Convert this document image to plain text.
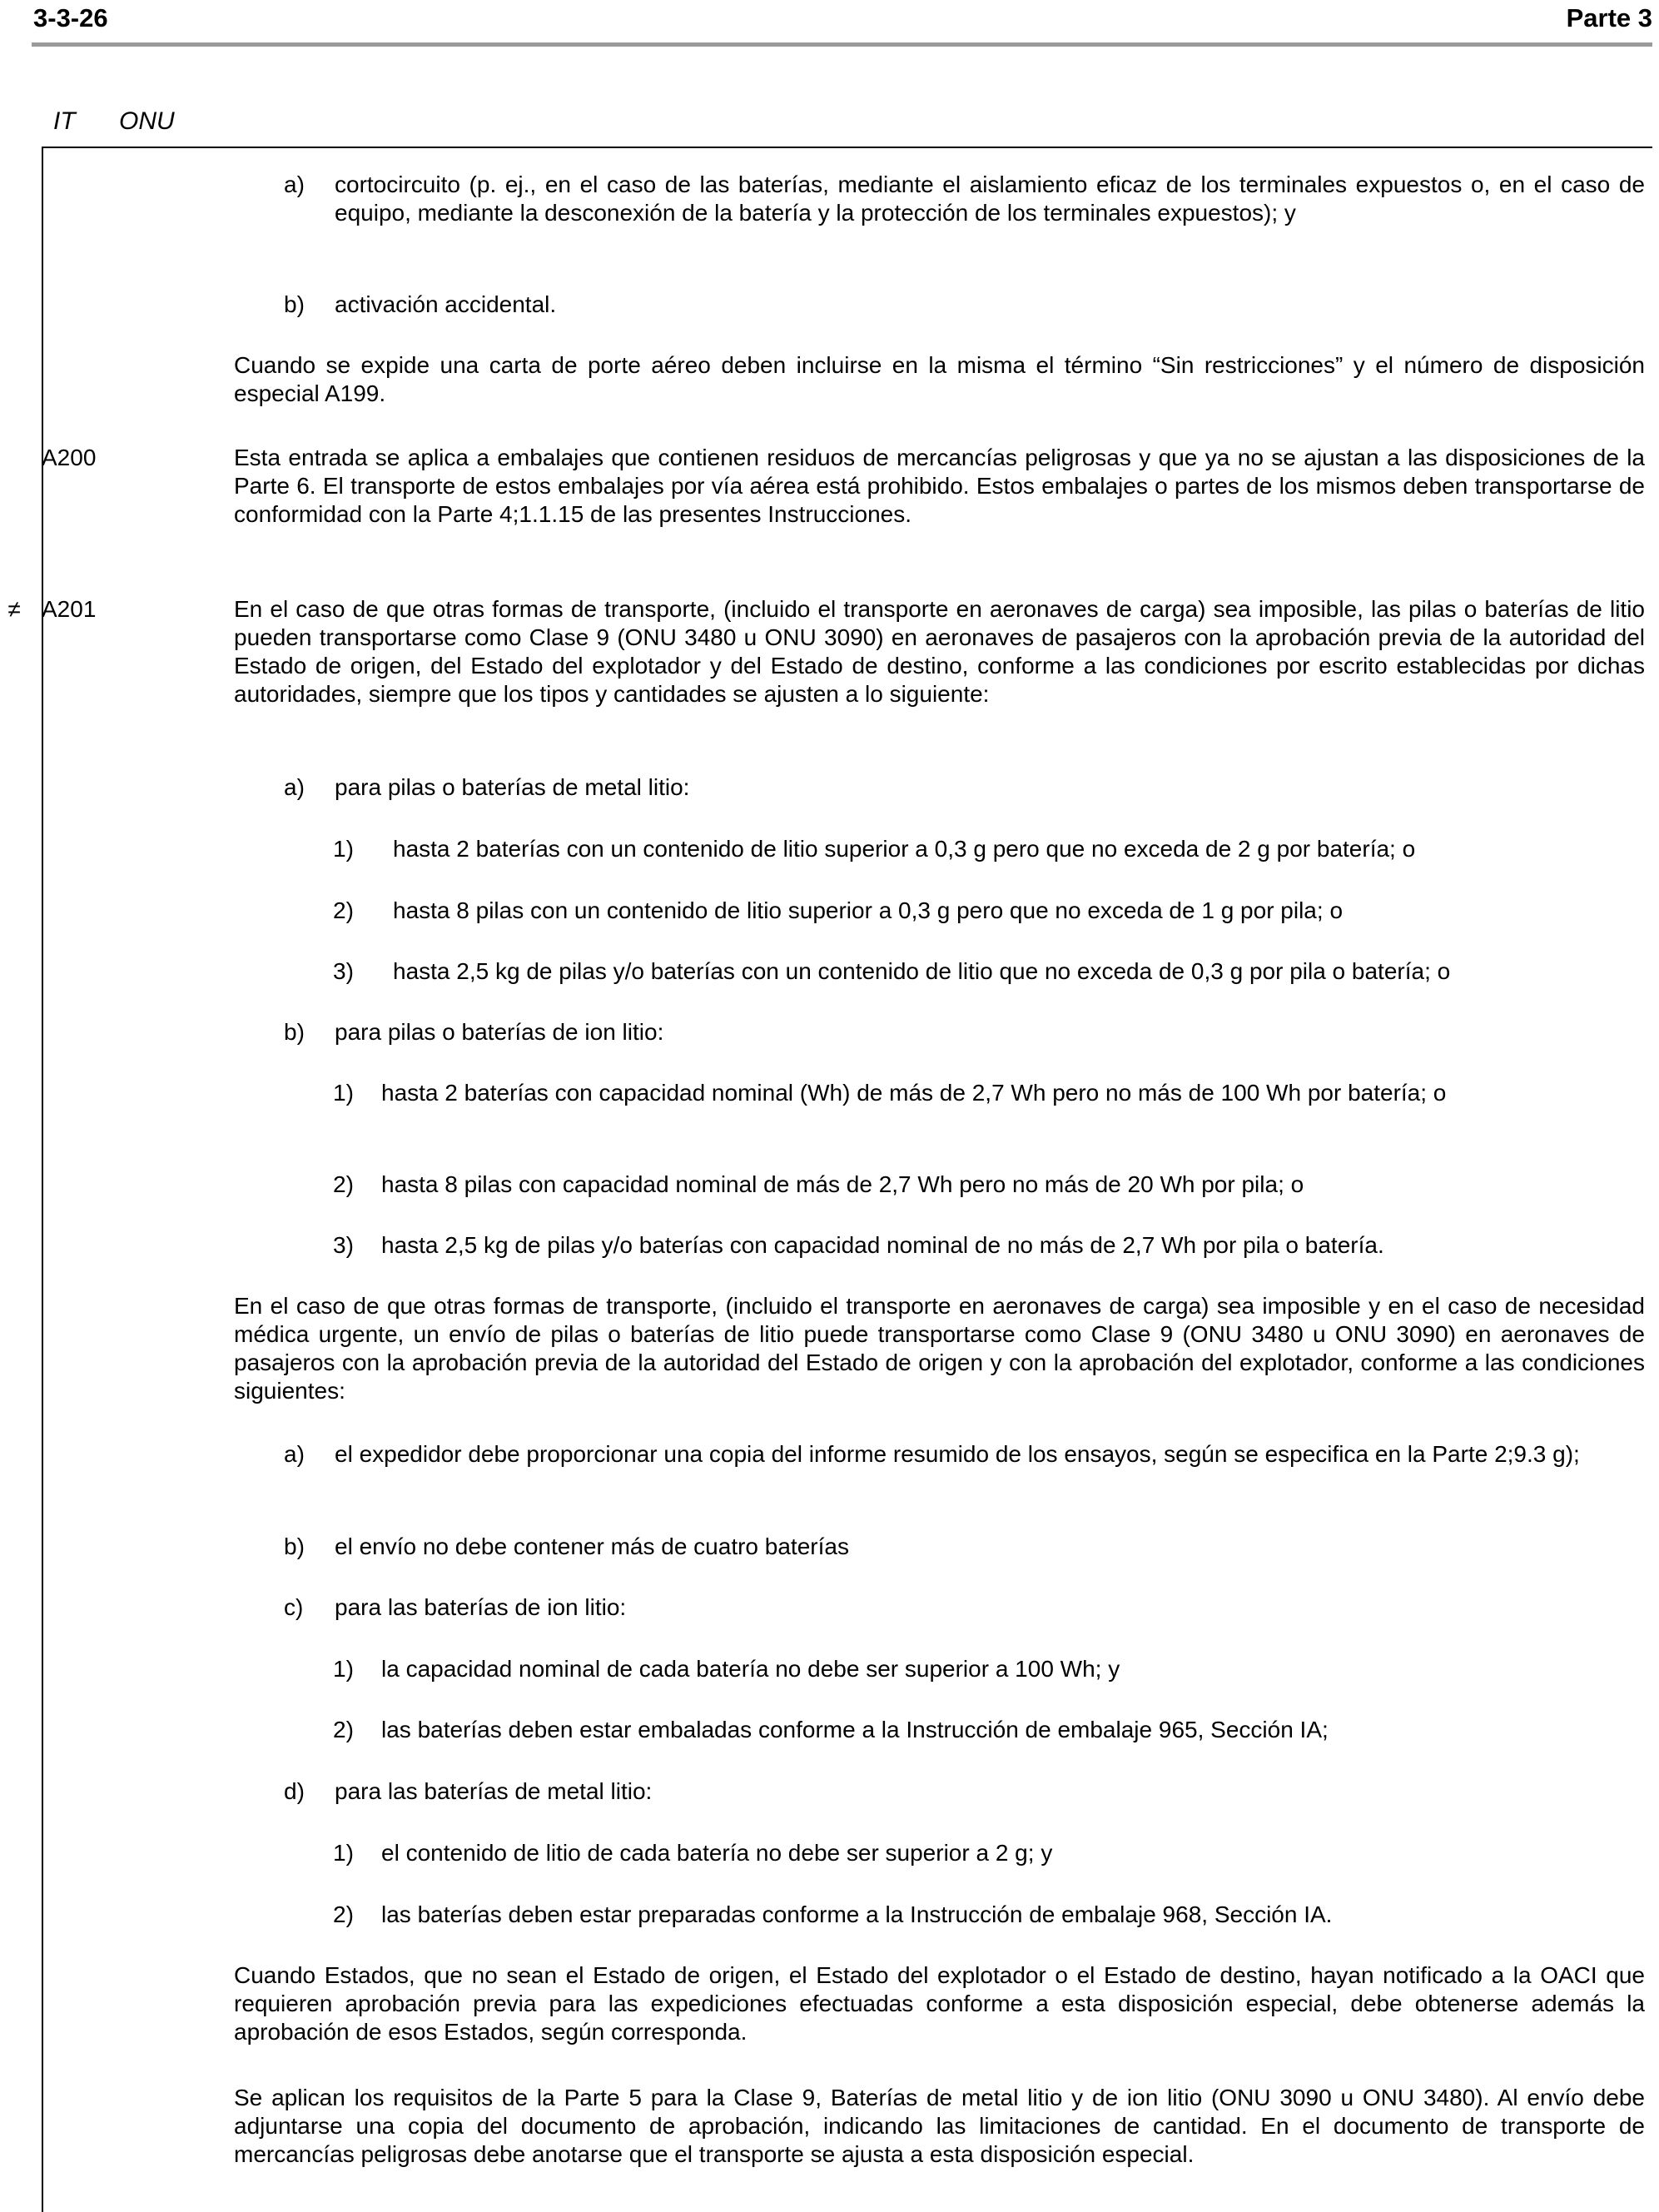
3-3-26	Parte 3
IT ONU
a)	cortocircuito (p. ej., en el caso de las baterías, mediante el aislamiento eficaz de los terminales expuestos o, en el caso de equipo, mediante la desconexión de la batería y la protección de los terminales expuestos); y
b)	activación accidental.
Cuando se expide una carta de porte aéreo deben incluirse en la misma el término “Sin restricciones” y el número de disposición especial A199.
A200	Esta entrada se aplica a embalajes que contienen residuos de mercancías peligrosas y que ya no se ajustan a las disposiciones de la Parte 6. El transporte de estos embalajes por vía aérea está prohibido. Estos embalajes o partes de los mismos deben transportarse de conformidad con la Parte 4;1.1.15 de las presentes Instrucciones.
≠ A201	En el caso de que otras formas de transporte, (incluido el transporte en aeronaves de carga) sea imposible, las pilas o baterías de litio pueden transportarse como Clase 9 (ONU 3480 u ONU 3090) en aeronaves de pasajeros con la aprobación previa de la autoridad del Estado de origen, del Estado del explotador y del Estado de destino, conforme a las condiciones por escrito establecidas por dichas autoridades, siempre que los tipos y cantidades se ajusten a lo siguiente:
a)	para pilas o baterías de metal litio:
1)	hasta 2 baterías con un contenido de litio superior a 0,3 g pero que no exceda de 2 g por batería; o
2)	hasta 8 pilas con un contenido de litio superior a 0,3 g pero que no exceda de 1 g por pila; o
3)	hasta 2,5 kg de pilas y/o baterías con un contenido de litio que no exceda de 0,3 g por pila o batería; o
b)	para pilas o baterías de ion litio:
1)	hasta 2 baterías con capacidad nominal (Wh) de más de 2,7 Wh pero no más de 100 Wh por batería; o
2)	hasta 8 pilas con capacidad nominal de más de 2,7 Wh pero no más de 20 Wh por pila; o
3)	hasta 2,5 kg de pilas y/o baterías con capacidad nominal de no más de 2,7 Wh por pila o batería.
En el caso de que otras formas de transporte, (incluido el transporte en aeronaves de carga) sea imposible y en el caso de necesidad médica urgente, un envío de pilas o baterías de litio puede transportarse como Clase 9 (ONU 3480 u ONU 3090) en aeronaves de pasajeros con la aprobación previa de la autoridad del Estado de origen y con la aprobación del explotador, conforme a las condiciones siguientes:
a)	el expedidor debe proporcionar una copia del informe resumido de los ensayos, según se especifica en la Parte 2;9.3 g);
b)	el envío no debe contener más de cuatro baterías
c)	para las baterías de ion litio:
1)	la capacidad nominal de cada batería no debe ser superior a 100 Wh; y
2)	las baterías deben estar embaladas conforme a la Instrucción de embalaje 965, Sección IA;
d)	para las baterías de metal litio:
1)	el contenido de litio de cada batería no debe ser superior a 2 g; y
2)	las baterías deben estar preparadas conforme a la Instrucción de embalaje 968, Sección IA.
Cuando Estados, que no sean el Estado de origen, el Estado del explotador o el Estado de destino, hayan notificado a la OACI que requieren aprobación previa para las expediciones efectuadas conforme a esta disposición especial, debe obtenerse además la aprobación de esos Estados, según corresponda.
Se aplican los requisitos de la Parte 5 para la Clase 9, Baterías de metal litio y de ion litio (ONU 3090 u ONU 3480). Al envío debe adjuntarse una copia del documento de aprobación, indicando las limitaciones de cantidad. En el documento de transporte de mercancías peligrosas debe anotarse que el transporte se ajusta a esta disposición especial.
